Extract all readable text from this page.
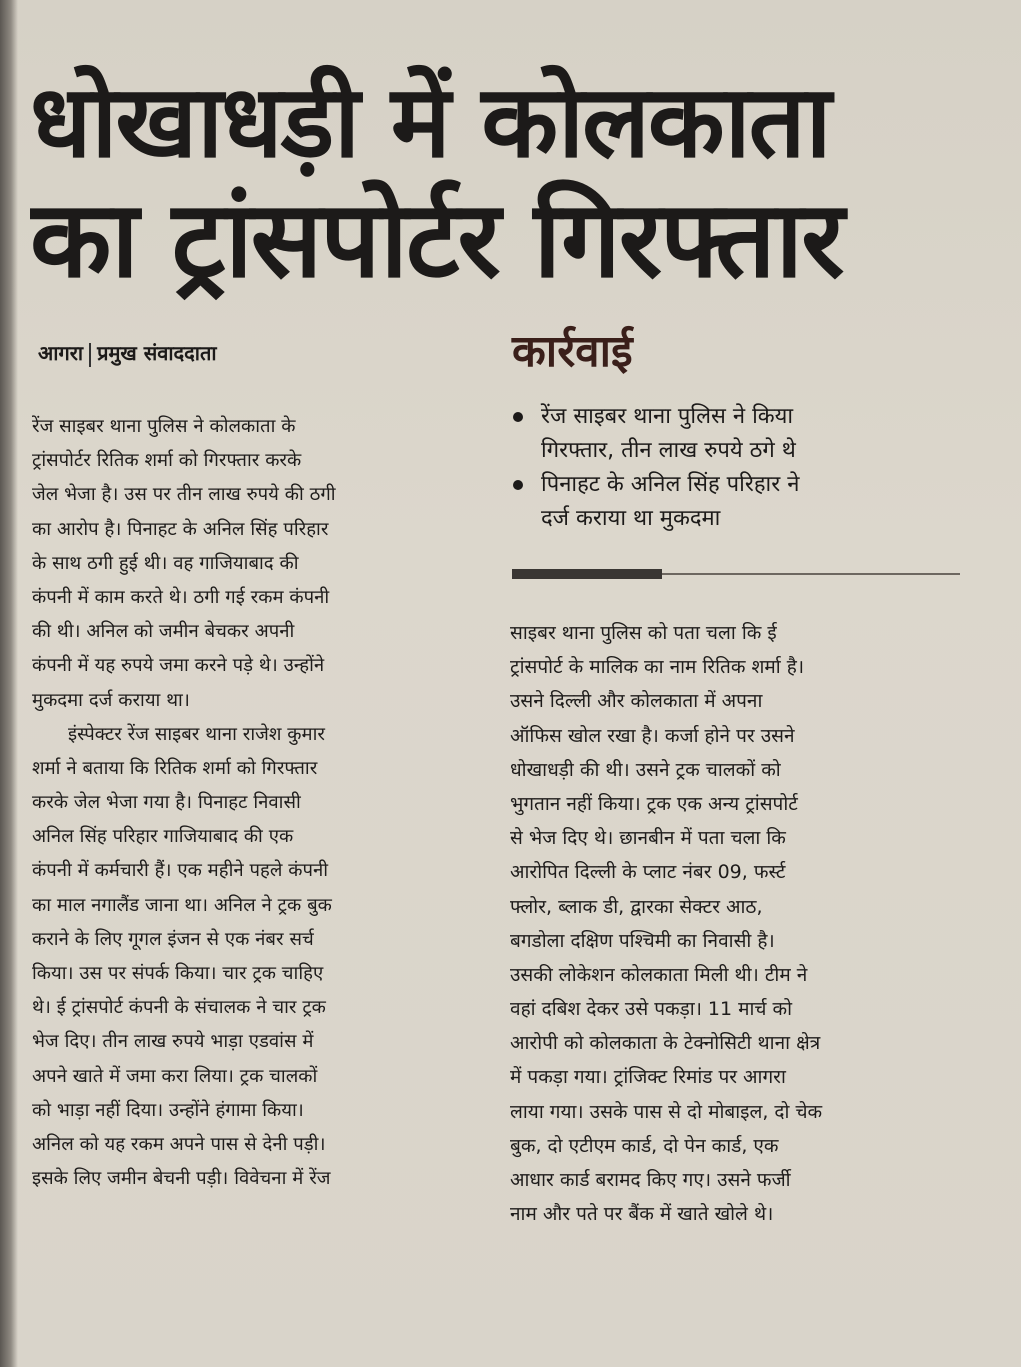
धोखाधड़ी में कोलकाता
का ट्रांसपोर्टर गिरफ्तार
आगरा प्रमुख संवाददाता	कार्रवाई
रेंज साइबर थाना पुलिस ने किया
गिरफ्तार, तीन लाख रुपये ठगे थे
पिनाहट के अनिल सिंह परिहार ने
दर्ज कराया था मुकदमा
रेंज साइबर थाना पुलिस ने कोलकाता के
ट्रांसपोर्टर रितिक शर्मा को गिरफ्तार करके
जेल भेजा है। उस पर तीन लाख रुपये की ठगी
का आरोप है। पिनाहट के अनिल सिंह परिहार
के साथ ठगी हुई थी। वह गाजियाबाद की
कंपनी में काम करते थे। ठगी गई रकम कंपनी
की थी। अनिल को जमीन बेचकर अपनी
कंपनी में यह रुपये जमा करने पड़े थे। उन्होंने
मुकदमा दर्ज कराया था।
इंस्पेक्टर रेंज साइबर थाना राजेश कुमार
शर्मा ने बताया कि रितिक शर्मा को गिरफ्तार
करके जेल भेजा गया है। पिनाहट निवासी
अनिल सिंह परिहार गाजियाबाद की एक
कंपनी में कर्मचारी हैं। एक महीने पहले कंपनी
का माल नगालैंड जाना था। अनिल ने ट्रक बुक
कराने के लिए गूगल इंजन से एक नंबर सर्च
किया। उस पर संपर्क किया। चार ट्रक चाहिए
थे। ई ट्रांसपोर्ट कंपनी के संचालक ने चार ट्रक
भेज दिए। तीन लाख रुपये भाड़ा एडवांस में
अपने खाते में जमा करा लिया। ट्रक चालकों
को भाड़ा नहीं दिया। उन्होंने हंगामा किया।
अनिल को यह रकम अपने पास से देनी पड़ी।
इसके लिए जमीन बेचनी पड़ी। विवेचना में रेंज
साइबर थाना पुलिस को पता चला कि ई
ट्रांसपोर्ट के मालिक का नाम रितिक शर्मा है।
उसने दिल्ली और कोलकाता में अपना
ऑफिस खोल रखा है। कर्जा होने पर उसने
धोखाधड़ी की थी। उसने ट्रक चालकों को
भुगतान नहीं किया। ट्रक एक अन्य ट्रांसपोर्ट
से भेज दिए थे। छानबीन में पता चला कि
आरोपित दिल्ली के प्लाट नंबर 09, फर्स्ट
फ्लोर, ब्लाक डी, द्वारका सेक्टर आठ,
बगडोला दक्षिण पश्चिमी का निवासी है।
उसकी लोकेशन कोलकाता मिली थी। टीम ने
वहां दबिश देकर उसे पकड़ा। 11 मार्च को
आरोपी को कोलकाता के टेक्नोसिटी थाना क्षेत्र
में पकड़ा गया। ट्रांजिक्ट रिमांड पर आगरा
लाया गया। उसके पास से दो मोबाइल, दो चेक
बुक, दो एटीएम कार्ड, दो पेन कार्ड, एक
आधार कार्ड बरामद किए गए। उसने फर्जी
नाम और पते पर बैंक में खाते खोले थे।
